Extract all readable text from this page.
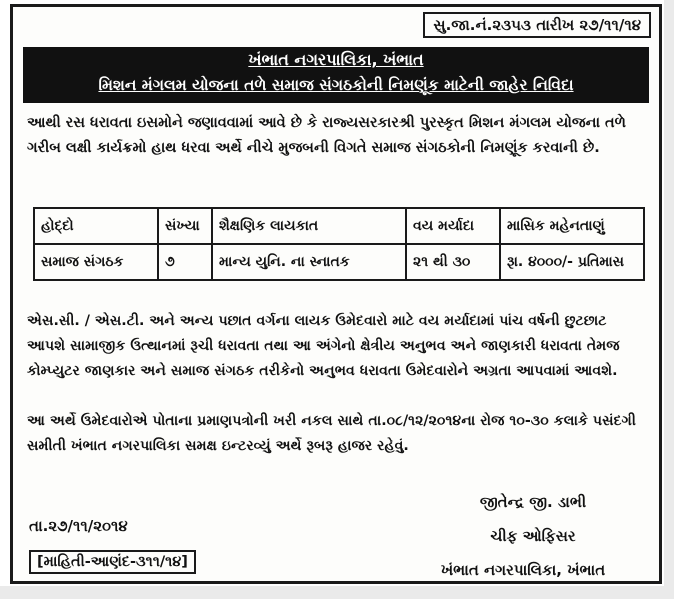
સુ.જા.નં.૨૩૫૩ તારીખ ૨૭/૧૧/૧૪
ખંભાત નગરપાલિકા, ખંભાત
મિશન મંગલમ યોજના તળે સમાજ સંગઠકોની નિમણૂંક માટેની જાહેર નિવિદા
આથી રસ ધરાવતા ઇસમોને જણાવવામાં આવે છે કે રાજ્યસરકારશ્રી પુરસ્કૃત મિશન મંગલમ યોજના તળે ગરીબ લક્ષી કાર્યક્રમો હાથ ધરવા અર્થે નીચે મુજબની વિગતે સમાજ સંગઠકોની નિમણૂંક કરવાની છે.
હોદ્દો	સંખ્યા	શૈક્ષણિક લાયકાત	વય મર્યાદા	માસિક મહેનતાણું
સમાજ સંગઠક	૭	માન્ય યુનિ. ના સ્નાતક	૨૧ થી ૩૦	રૂા. ૪૦૦૦/- પ્રતિમાસ
એસ.સી. / એસ.ટી. અને અન્ય પછાત વર્ગના લાયક ઉમેદવારો માટે વય મર્યાદામાં પાંચ વર્ષની છુટછાટ આપશે સામાજીક ઉત્થાનમાં રૂચી ધરાવતા તથા આ અંગેનો ક્ષેત્રીય અનુભવ અને જાણકારી ધરાવતા તેમજ કોમ્પ્યુટર જાણકાર અને સમાજ સંગઠક તરીકેનો અનુભવ ધરાવતા ઉમેદવારોને અગ્રતા આપવામાં આવશે.
આ અર્થે ઉમેદવારોએ પોતાના પ્રમાણપત્રોની ખરી નકલ સાથે તા.૦૮/૧૨/૨૦૧૪ના રોજ ૧૦-૩૦ કલાકે પસંદગી સમીતી ખંભાત નગરપાલિકા સમક્ષ ઇન્ટરવ્યું અર્થે રૂબરૂ હાજર રહેવું.
તા.૨૭/૧૧/૨૦૧૪
[માહિતી-આણંદ-૩૧૧/૧૪]
જીતેન્દ્ર જી. ડાભી
ચીફ ઓફિસર
ખંભાત નગરપાલિકા, ખંભાત
